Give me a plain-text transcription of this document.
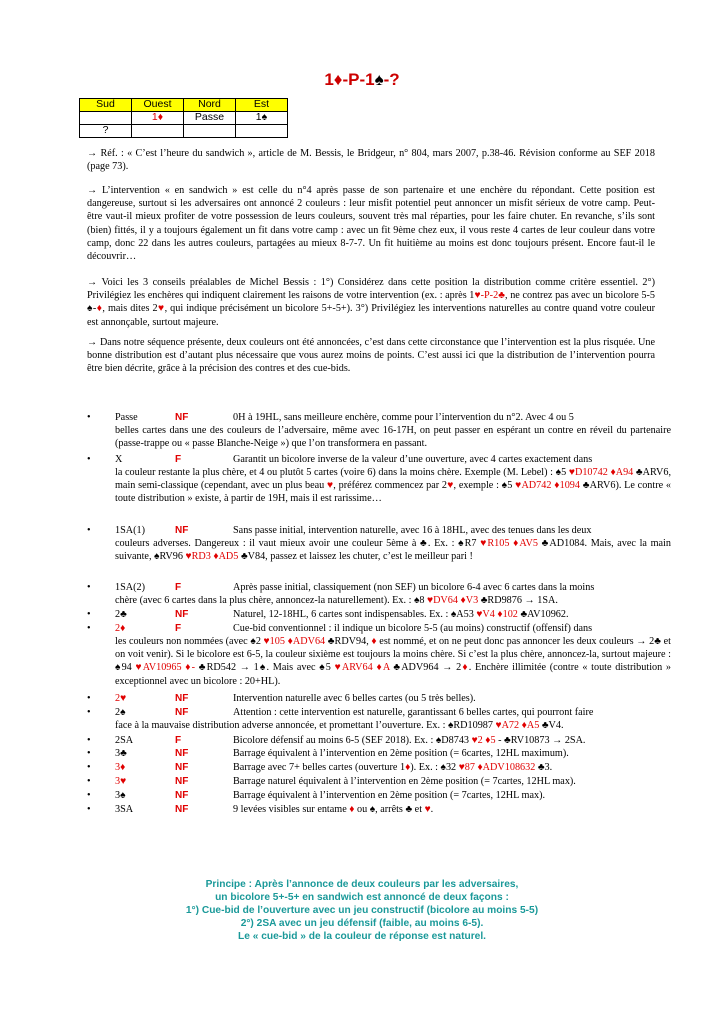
1♦-P-1♠-?
Sud	Ouest	Nord	Est
	1♦	Passe	1♠
?			
→ Réf. : « C’est l’heure du sandwich », article de M. Bessis, le Bridgeur, n° 804, mars 2007, p.38-46. Révision conforme au SEF 2018 (page 73).
→ L’intervention « en sandwich » est celle du n°4 après passe de son partenaire et une enchère du répondant. Cette position est dangereuse, surtout si les adversaires ont annoncé 2 couleurs : leur misfit potentiel peut annoncer un misfit sérieux de votre camp. Peut-être vaut-il mieux profiter de votre possession de leurs couleurs, souvent très mal réparties, pour les faire chuter. En revanche, s’ils sont (bien) fittés, il y a toujours également un fit dans votre camp : avec un fit 9ème chez eux, il vous reste 4 cartes de leur couleur dans votre camp, donc 22 dans les autres couleurs, partagées au mieux 8-7-7. Un fit huitième au moins est donc toujours présent. Encore faut-il le découvrir…
→ Voici les 3 conseils préalables de Michel Bessis : 1°) Considérez dans cette position la distribution comme critère essentiel. 2°) Privilégiez les enchères qui indiquent clairement les raisons de votre intervention (ex. : après 1♥-P-2♣, ne contrez pas avec un bicolore 5-5 ♠-♦, mais dites 2♥, qui indique précisément un bicolore 5+-5+). 3°) Privilégiez les interventions naturelles au contre quand votre couleur est annonçable, surtout majeure.
→ Dans notre séquence présente, deux couleurs ont été annoncées, c’est dans cette circonstance que l’intervention est la plus risquée. Une bonne distribution est d’autant plus nécessaire que vous aurez moins de points. C’est aussi ici que la distribution de l’intervention pourra être bien décrite, grâce à la précision des contres et des cue-bids.
• Passe	NF	0H à 19HL, sans meilleure enchère, comme pour l’intervention du n°2. Avec 4 ou 5
belles cartes dans une des couleurs de l’adversaire, même avec 16-17H, on peut passer en espérant un contre en réveil du partenaire (passe-trappe ou « passe Blanche-Neige ») que l’on transformera en passant.
• X	F	Garantit un bicolore inverse de la valeur d’une ouverture, avec 4 cartes exactement dans
la couleur restante la plus chère, et 4 ou plutôt 5 cartes (voire 6) dans la moins chère. Exemple (M. Lebel) : ♠5 ♥D10742 ♦A94 ♣ARV6, main semi-classique (cependant, avec un plus beau ♥, préférez commencez par 2♥, exemple : ♠5 ♥AD742 ♦1094 ♣ARV6). Le contre « toute distribution » existe, à partir de 19H, mais il est rarissime…
• 1SA(1)	NF	Sans passe initial, intervention naturelle, avec 16 à 18HL, avec des tenues dans les deux
couleurs adverses. Dangereux : il vaut mieux avoir une couleur 5ème à ♣. Ex. : ♠R7 ♥R105 ♦AV5 ♣AD1084. Mais, avec la main suivante, ♠RV96 ♥RD3 ♦AD5 ♣V84, passez et laissez les chuter, c’est le meilleur pari !
• 1SA(2)	F	Après passe initial, classiquement (non SEF) un bicolore 6-4 avec 6 cartes dans la moins
chère (avec 6 cartes dans la plus chère, annoncez-la naturellement). Ex. : ♠8 ♥DV64 ♦V3 ♣RD9876 → 1SA.
• 2♣	NF	Naturel, 12-18HL, 6 cartes sont indispensables. Ex. : ♠A53 ♥V4 ♦102 ♣AV10962.
• 2♦	F	Cue-bid conventionnel : il indique un bicolore 5-5 (au moins) constructif (offensif) dans
les couleurs non nommées (avec ♠2 ♥105 ♦ADV64 ♣RDV94, ♦ est nommé, et on ne peut donc pas annoncer les deux couleurs → 2♣ et on voit venir). Si le bicolore est 6-5, la couleur sixième est toujours la moins chère. Si c’est la plus chère, annoncez-la, surtout majeure : ♠94 ♥AV10965 ♦- ♣RD542 → 1♠. Mais avec ♠5 ♥ARV64 ♦A ♣ADV964 → 2♦. Enchère illimitée (contre « toute distribution » exceptionnel avec un bicolore : 20+HL).
• 2♥	NF	Intervention naturelle avec 6 belles cartes (ou 5 très belles).
• 2♠	NF	Attention : cette intervention est naturelle, garantissant 6 belles cartes, qui pourront faire
face à la mauvaise distribution adverse annoncée, et promettant l’ouverture. Ex. : ♠RD10987 ♥A72 ♦A5 ♣V4.
• 2SA	F	Bicolore défensif au moins 6-5 (SEF 2018). Ex. : ♠D8743 ♥2 ♦5 - ♣RV10873 → 2SA.
• 3♣	NF	Barrage équivalent à l’intervention en 2ème position (= 6cartes, 12HL maximum).
• 3♦	NF	Barrage avec 7+ belles cartes (ouverture 1♦). Ex. : ♠32 ♥87 ♦ADV108632 ♣3.
• 3♥	NF	Barrage naturel équivalent à l’intervention en 2ème position (= 7cartes, 12HL max).
• 3♠	NF	Barrage équivalent à l’intervention en 2ème position (= 7cartes, 12HL max).
• 3SA	NF	9 levées visibles sur entame ♦ ou ♠, arrêts ♣ et ♥.
Principe : Après l’annonce de deux couleurs par les adversaires,
un bicolore 5+-5+ en sandwich est annoncé de deux façons :
1°) Cue-bid de l’ouverture avec un jeu constructif (bicolore au moins 5-5)
2°) 2SA avec un jeu défensif (faible, au moins 6-5).
Le « cue-bid » de la couleur de réponse est naturel.
